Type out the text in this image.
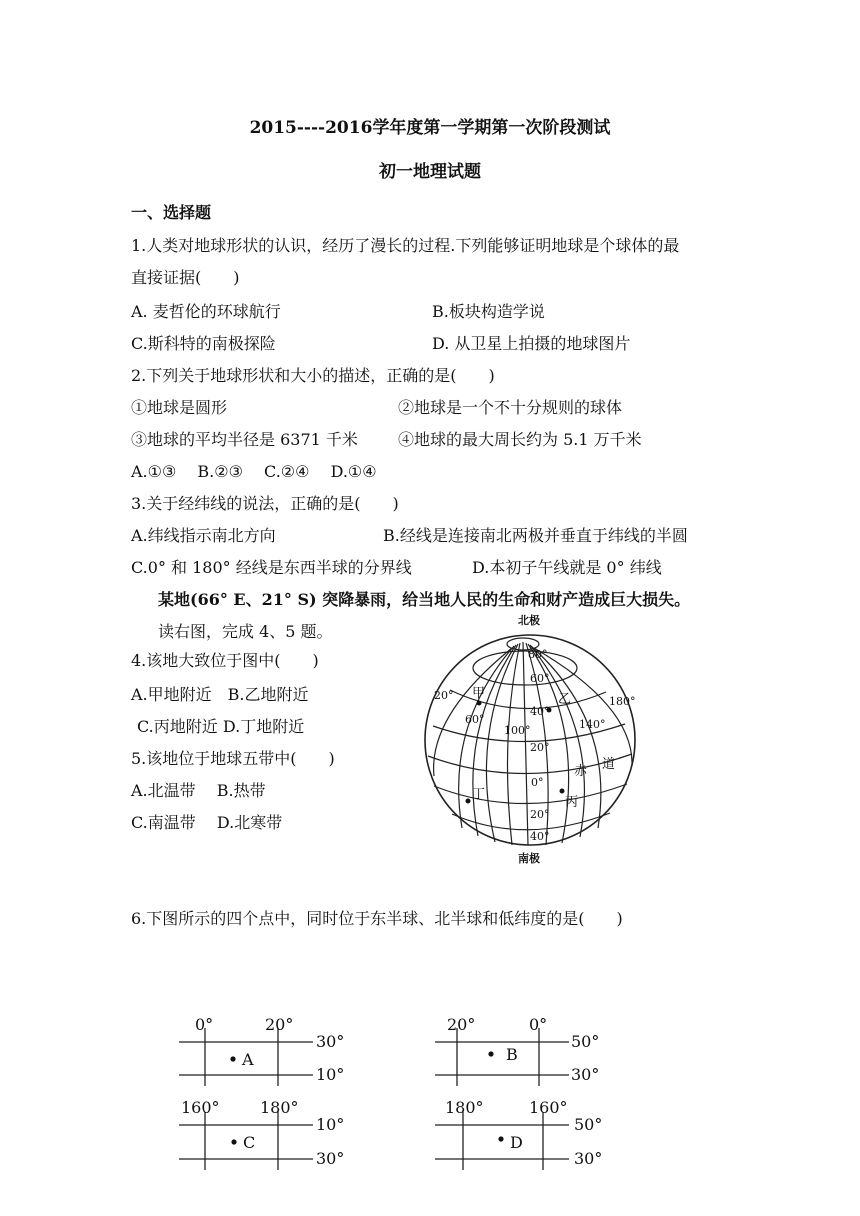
2015----2016学年度第一学期第一次阶段测试
初一地理试题
一、选择题
1.人类对地球形状的认识，经历了漫长的过程.下列能够证明地球是个球体的最
直接证据(　　)
A. 麦哲伦的环球航行	B.板块构造学说
C.斯科特的南极探险	D. 从卫星上拍摄的地球图片
2.下列关于地球形状和大小的描述，正确的是(　　)
①地球是圆形	②地球是一个不十分规则的球体
③地球的平均半径是 6371 千米	④地球的最大周长约为 5.1 万千米
A.①③　 B.②③　 C.②④　 D.①④
3.关于经纬线的说法，正确的是(　　)
A.纬线指示南北方向	B.经线是连接南北两极并垂直于纬线的半圆
C.0° 和 180° 经线是东西半球的分界线	D.本初子午线就是 0° 纬线
某地(66° E、21° S) 突降暴雨，给当地人民的生命和财产造成巨大损失。
读右图，完成 4、5 题。
4.该地大致位于图中(　　)
A.甲地附近　B.乙地附近
C.丙地附近 D.丁地附近
5.该地位于地球五带中(　　)
A.北温带　 B.热带
C.南温带　 D.北寒带
北极
南极
80°
60°
40°
20°
0°
20°
40°
20°
60°
100°	140°
180°
甲	乙
丙
丁
赤 道
6.下图所示的四个点中，同时位于东半球、北半球和低纬度的是(　　)
0°	20°
30°
10°
A
20°	0°
50°
30°
B
160°	180°
10°
30°
C
180°	160°
50°
30°
D
